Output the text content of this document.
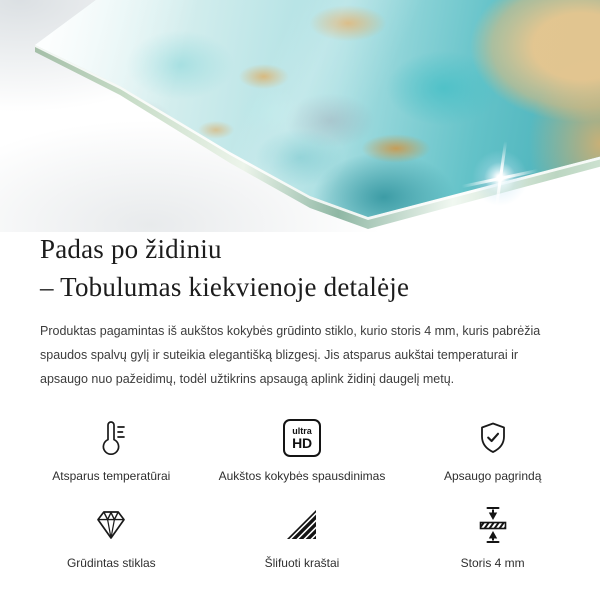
Padas po židiniu
– Tobulumas kiekvienoje detalėje

Produktas pagamintas iš aukštos kokybės grūdinto stiklo, kurio storis 4 mm, kuris pabrėžia spaudos spalvų gylį ir suteikia elegantišką blizgesį. Jis atsparus aukštai temperaturai ir apsaugo nuo pažeidimų, todėl užtikrins apsaugą aplink židinį daugelį metų.

Atsparus temperatūrai
ultra
HD
Aukštos kokybės spausdinimas	Apsaugo pagrindą
Grūdintas stiklas	Šlifuoti kraštai	Storis 4 mm
